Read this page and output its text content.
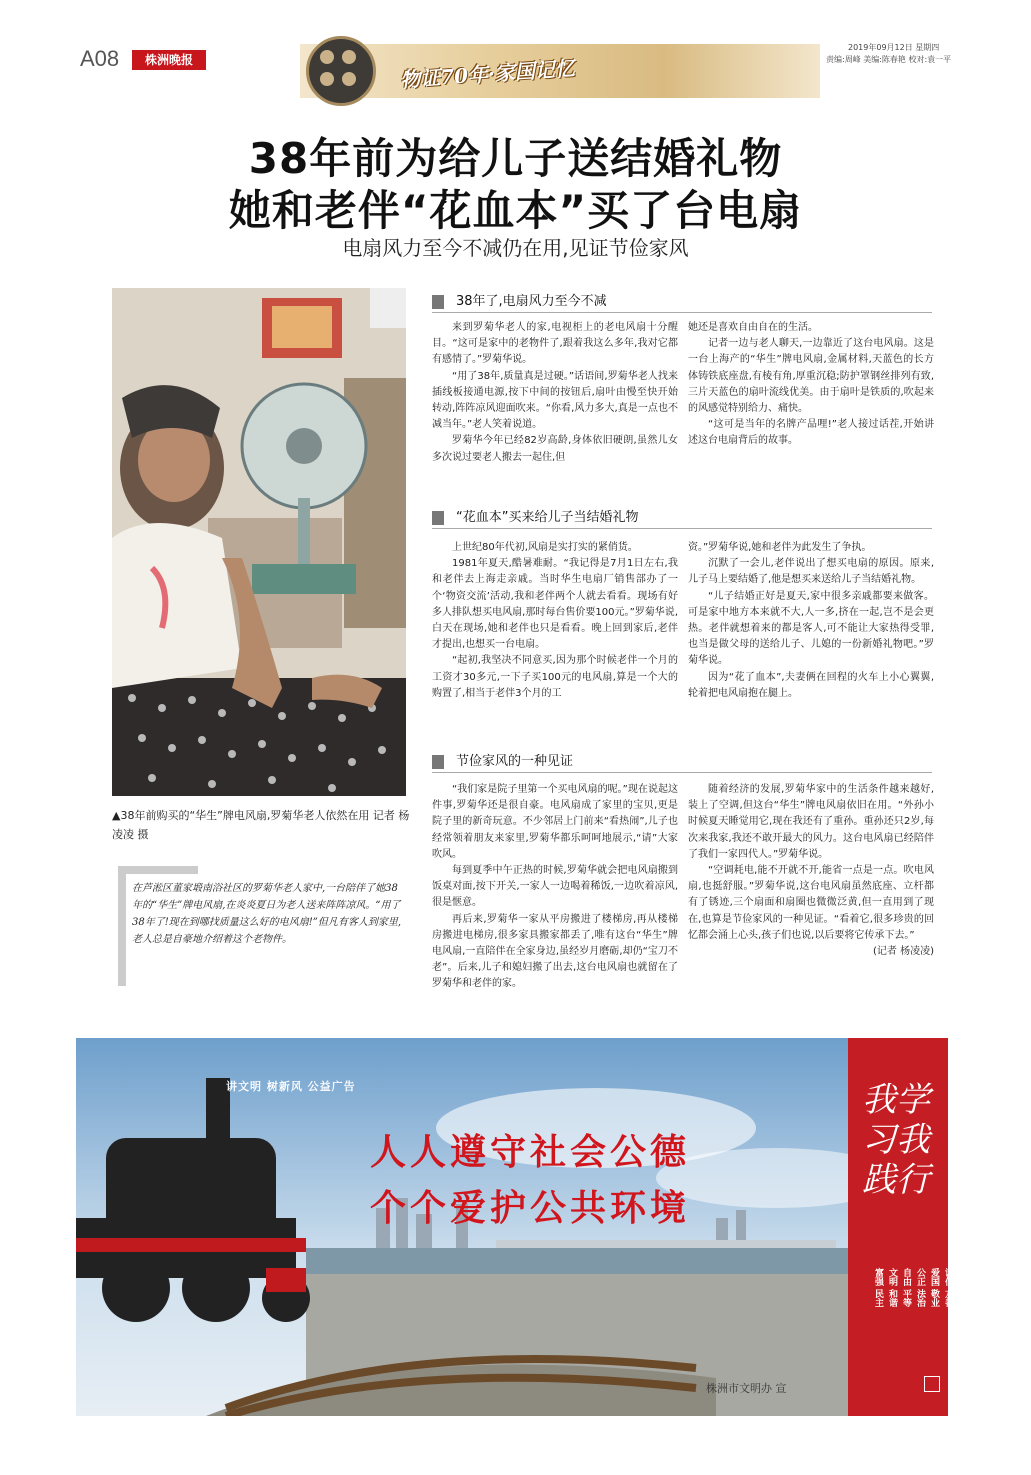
A08	株洲晚报	物证70年·家国记忆
2019年09月12日 星期四
责编:周峰 美编:陈春艳 校对:袁一平
38年前为给儿子送结婚礼物
她和老伴“花血本”买了台电扇
电扇风力至今不减仍在用,见证节俭家风
▲38年前购买的“华生”牌电风扇,罗菊华老人依然在用 记者 杨凌凌 摄
在芦淞区董家塅南浴社区的罗菊华老人家中,一台陪伴了她38年的“华生”牌电风扇,在炎炎夏日为老人送来阵阵凉风。“用了38年了!现在到哪找质量这么好的电风扇!”但凡有客人到家里,老人总是自豪地介绍着这个老物件。
38年了,电扇风力至今不减

来到罗菊华老人的家,电视柜上的老电风扇十分醒目。“这可是家中的老物件了,跟着我这么多年,我对它都有感情了。”罗菊华说。

“用了38年,质量真是过硬。”话语间,罗菊华老人找来插线板接通电源,按下中间的按钮后,扇叶由慢至快开始转动,阵阵凉风迎面吹来。“你看,风力多大,真是一点也不减当年。”老人笑着说道。

罗菊华今年已经82岁高龄,身体依旧硬朗,虽然儿女多次说过要老人搬去一起住,但

她还是喜欢自由自在的生活。

记者一边与老人聊天,一边靠近了这台电风扇。这是一台上海产的“华生”牌电风扇,金属材料,天蓝色的长方体铸铁底座盘,有棱有角,厚重沉稳;防护罩钢丝排列有致,三片天蓝色的扇叶流线优美。由于扇叶是铁质的,吹起来的风感觉特别给力、痛快。

“这可是当年的名牌产品哩!”老人接过话茬,开始讲述这台电扇背后的故事。

“花血本”买来给儿子当结婚礼物

上世纪80年代初,风扇是实打实的紧俏货。

1981年夏天,酷暑难耐。“我记得是7月1日左右,我和老伴去上海走亲戚。当时华生电扇厂销售部办了一个‘物资交流’活动,我和老伴两个人就去看看。现场有好多人排队想买电风扇,那时每台售价要100元。”罗菊华说,白天在现场,她和老伴也只是看看。晚上回到家后,老伴才提出,也想买一台电扇。

“起初,我坚决不同意买,因为那个时候老伴一个月的工资才30多元,一下子买100元的电风扇,算是一个大的购置了,相当于老伴3个月的工

资。”罗菊华说,她和老伴为此发生了争执。

沉默了一会儿,老伴说出了想买电扇的原因。原来,儿子马上要结婚了,他是想买来送给儿子当结婚礼物。

“儿子结婚正好是夏天,家中很多亲戚都要来做客。可是家中地方本来就不大,人一多,挤在一起,岂不是会更热。老伴就想着来的都是客人,可不能让大家热得受罪,也当是做父母的送给儿子、儿媳的一份新婚礼物吧。”罗菊华说。

因为“花了血本”,夫妻俩在回程的火车上小心翼翼,轮着把电风扇抱在腿上。

节俭家风的一种见证

“我们家是院子里第一个买电风扇的呢。”现在说起这件事,罗菊华还是很自豪。电风扇成了家里的宝贝,更是院子里的新奇玩意。不少邻居上门前来“看热闹”,儿子也经常领着朋友来家里,罗菊华都乐呵呵地展示,“请”大家吹风。

每到夏季中午正热的时候,罗菊华就会把电风扇搬到饭桌对面,按下开关,一家人一边喝着稀饭,一边吹着凉风,很是惬意。

再后来,罗菊华一家从平房搬进了楼梯房,再从楼梯房搬进电梯房,很多家具搬家都丢了,唯有这台“华生”牌电风扇,一直陪伴在全家身边,虽经岁月磨砺,却仍“宝刀不老”。后来,儿子和媳妇搬了出去,这台电风扇也就留在了罗菊华和老伴的家。

随着经济的发展,罗菊华家中的生活条件越来越好,装上了空调,但这台“华生”牌电风扇依旧在用。“外孙小时候夏天睡觉用它,现在我还有了重孙。重孙还只2岁,每次来我家,我还不敢开最大的风力。这台电风扇已经陪伴了我们一家四代人。”罗菊华说。

“空调耗电,能不开就不开,能省一点是一点。吹电风扇,也挺舒服。”罗菊华说,这台电风扇虽然底座、立杆都有了锈迹,三个扇面和扇圈也微微泛黄,但一直用到了现在,也算是节俭家风的一种见证。“看着它,很多珍贵的回忆都会涌上心头,孩子们也说,以后要将它传承下去。”

(记者 杨凌凌)

讲文明 树新风 公益广告
人人遵守社会公德
个个爱护公共环境
株洲市文明办 宣
我学习我践行
富强 民主 文明 和谐 自由 平等 公正 法治 爱国 敬业 诚信 友善
